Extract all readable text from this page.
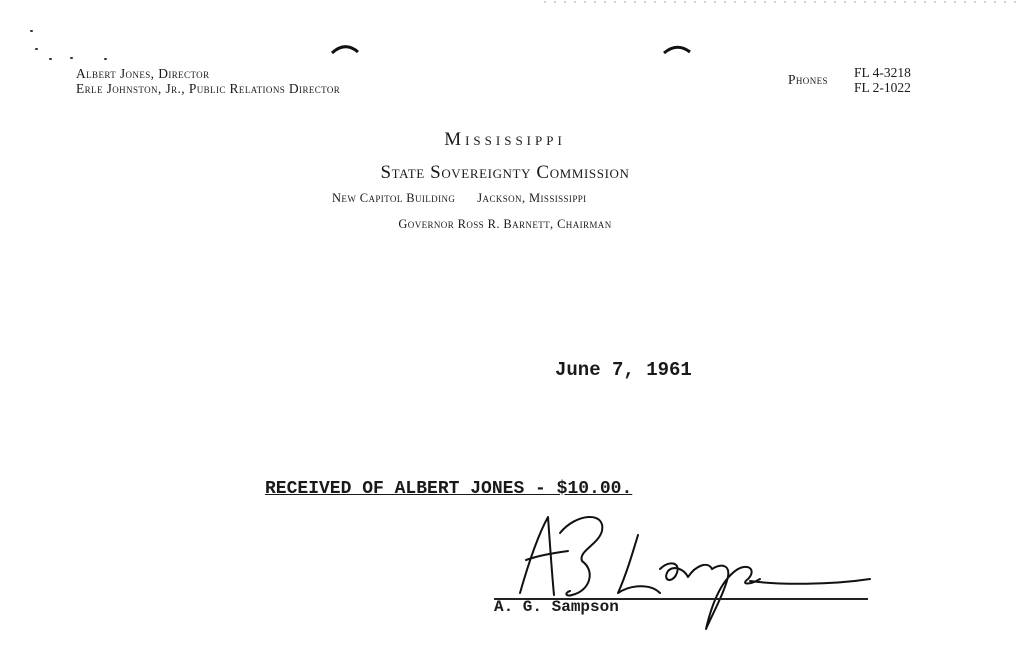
Albert Jones, Director
Erle Johnston, Jr., Public Relations Director
Phones FL 4-3218
FL 2-1022
Mississippi
State Sovereignty Commission
New Capitol Building Jackson, Mississippi
Governor Ross R. Barnett, Chairman
June 7, 1961
RECEIVED OF ALBERT JONES - $10.00.
A. G. Sampson
